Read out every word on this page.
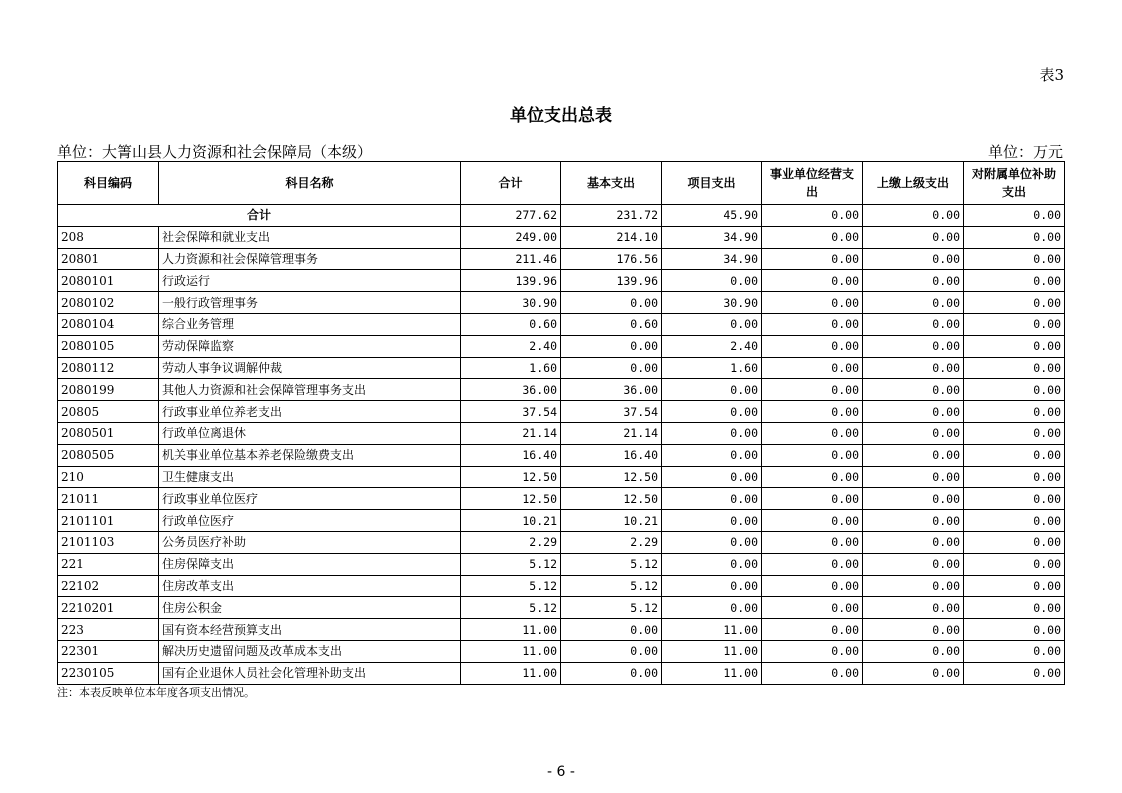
表3
单位支出总表
单位：大箐山县人力资源和社会保障局（本级）	单位：万元
科目编码	科目名称	合计	基本支出	项目支出	事业单位经营支出	上缴上级支出	对附属单位补助支出
合计		277.62	231.72	45.90	0.00	0.00	0.00
208	社会保障和就业支出	249.00	214.10	34.90	0.00	0.00	0.00
20801	人力资源和社会保障管理事务	211.46	176.56	34.90	0.00	0.00	0.00
2080101	行政运行	139.96	139.96	0.00	0.00	0.00	0.00
2080102	一般行政管理事务	30.90	0.00	30.90	0.00	0.00	0.00
2080104	综合业务管理	0.60	0.60	0.00	0.00	0.00	0.00
2080105	劳动保障监察	2.40	0.00	2.40	0.00	0.00	0.00
2080112	劳动人事争议调解仲裁	1.60	0.00	1.60	0.00	0.00	0.00
2080199	其他人力资源和社会保障管理事务支出	36.00	36.00	0.00	0.00	0.00	0.00
20805	行政事业单位养老支出	37.54	37.54	0.00	0.00	0.00	0.00
2080501	行政单位离退休	21.14	21.14	0.00	0.00	0.00	0.00
2080505	机关事业单位基本养老保险缴费支出	16.40	16.40	0.00	0.00	0.00	0.00
210	卫生健康支出	12.50	12.50	0.00	0.00	0.00	0.00
21011	行政事业单位医疗	12.50	12.50	0.00	0.00	0.00	0.00
2101101	行政单位医疗	10.21	10.21	0.00	0.00	0.00	0.00
2101103	公务员医疗补助	2.29	2.29	0.00	0.00	0.00	0.00
221	住房保障支出	5.12	5.12	0.00	0.00	0.00	0.00
22102	住房改革支出	5.12	5.12	0.00	0.00	0.00	0.00
2210201	住房公积金	5.12	5.12	0.00	0.00	0.00	0.00
223	国有资本经营预算支出	11.00	0.00	11.00	0.00	0.00	0.00
22301	解决历史遗留问题及改革成本支出	11.00	0.00	11.00	0.00	0.00	0.00
2230105	国有企业退休人员社会化管理补助支出	11.00	0.00	11.00	0.00	0.00	0.00
注：本表反映单位本年度各项支出情况。
- 6 -
